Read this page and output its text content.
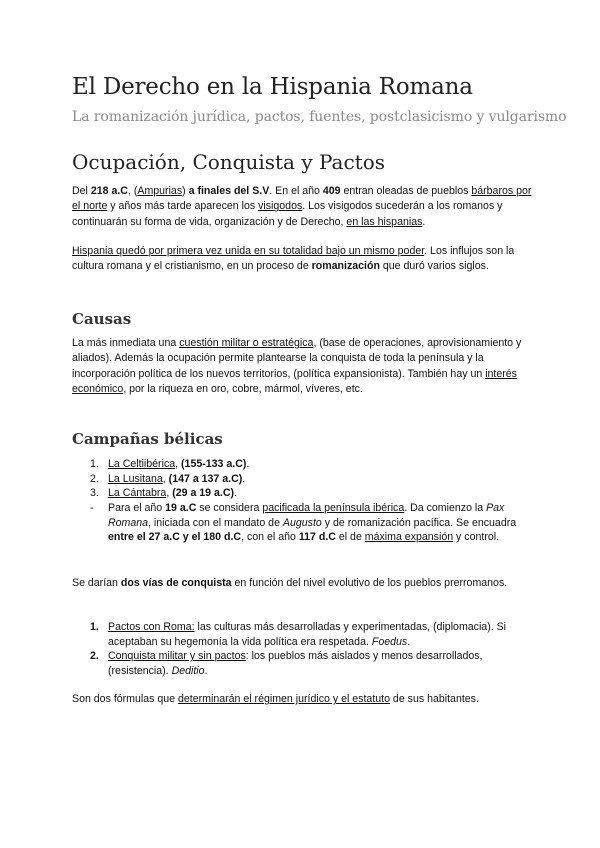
El Derecho en la Hispania Romana
La romanización jurídica, pactos, fuentes, postclasicismo y vulgarismo
Ocupación, Conquista y Pactos

Del 218 a.C, (Ampurias) a finales del S.V. En el año 409 entran oleadas de pueblos bárbaros por el norte y años más tarde aparecen los visigodos. Los visigodos sucederán a los romanos y continuarán su forma de vida, organización y de Derecho, en las hispanias.

Hispania quedó por primera vez unida en su totalidad bajo un mismo poder. Los influjos son la cultura romana y el cristianismo, en un proceso de romanización que duró varios siglos.

Causas

La más inmediata una cuestión militar o estratégica, (base de operaciones, aprovisionamiento y aliados). Además la ocupación permite plantearse la conquista de toda la península y la incorporación política de los nuevos territorios, (política expansionista). También hay un interés económico, por la riqueza en oro, cobre, mármol, víveres, etc.

Campañas bélicas
1. La Celtiibérica, (155-133 a.C).
2. La Lusitana, (147 a 137 a.C).
3. La Cántabra, (29 a 19 a.C).
- Para el año 19 a.C se considera pacificada la península ibérica. Da comienzo la Pax Romana, iniciada con el mandato de Augusto y de romanización pacífica. Se encuadra entre el 27 a.C y el 180 d.C, con el año 117 d.C el de máxima expansión y control.

Se darían dos vías de conquista en función del nivel evolutivo de los pueblos prerromanos.

1. Pactos con Roma: las culturas más desarrolladas y experimentadas, (diplomacia). Si aceptaban su hegemonía la vida política era respetada. Foedus.
2. Conquista militar y sin pactos: los pueblos más aislados y menos desarrollados, (resistencia). Deditio.

Son dos fórmulas que determinarán el régimen jurídico y el estatuto de sus habitantes.
